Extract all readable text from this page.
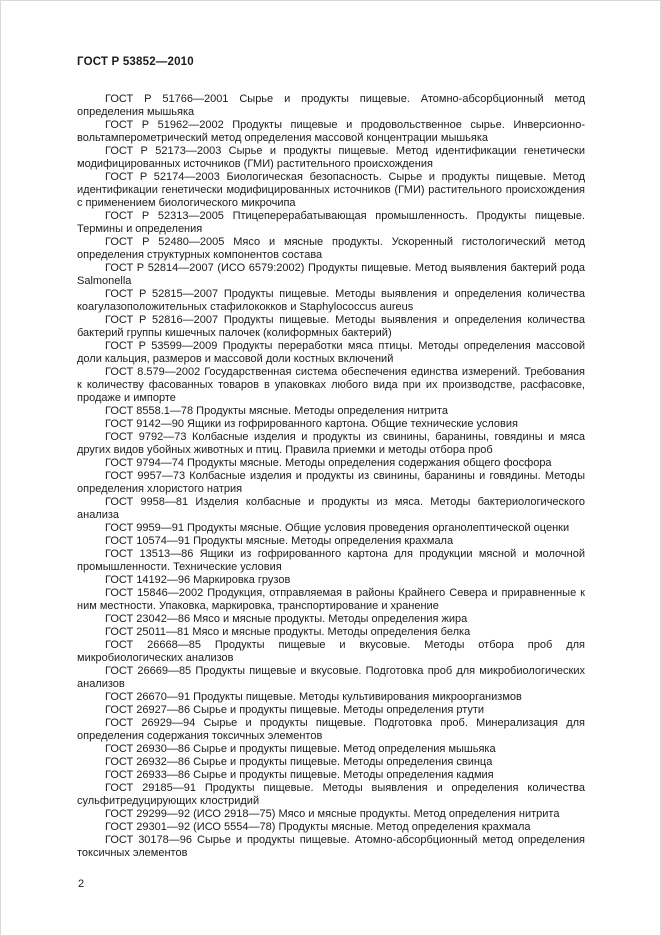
ГОСТ Р 53852—2010

ГОСТ Р 51766—2001 Сырье и продукты пищевые. Атомно-абсорбционный метод определения мышьяка

ГОСТ Р 51962—2002 Продукты пищевые и продовольственное сырье. Инверсионно-вольтамперометрический метод определения массовой концентрации мышьяка

ГОСТ Р 52173—2003 Сырье и продукты пищевые. Метод идентификации генетически модифицированных источников (ГМИ) растительного происхождения

ГОСТ Р 52174—2003 Биологическая безопасность. Сырье и продукты пищевые. Метод идентификации генетически модифицированных источников (ГМИ) растительного происхождения с применением биологического микрочипа

ГОСТ Р 52313—2005 Птицеперерабатывающая промышленность. Продукты пищевые. Термины и определения

ГОСТ Р 52480—2005 Мясо и мясные продукты. Ускоренный гистологический метод определения структурных компонентов состава

ГОСТ Р 52814—2007 (ИСО 6579:2002) Продукты пищевые. Метод выявления бактерий рода Salmonella

ГОСТ Р 52815—2007 Продукты пищевые. Методы выявления и определения количества коагулазоположительных стафилококков и Staphylococcus aureus

ГОСТ Р 52816—2007 Продукты пищевые. Методы выявления и определения количества бактерий группы кишечных палочек (колиформных бактерий)

ГОСТ Р 53599—2009 Продукты переработки мяса птицы. Методы определения массовой доли кальция, размеров и массовой доли костных включений

ГОСТ 8.579—2002 Государственная система обеспечения единства измерений. Требования к количеству фасованных товаров в упаковках любого вида при их производстве, расфасовке, продаже и импорте

ГОСТ 8558.1—78 Продукты мясные. Методы определения нитрита

ГОСТ 9142—90 Ящики из гофрированного картона. Общие технические условия

ГОСТ 9792—73 Колбасные изделия и продукты из свинины, баранины, говядины и мяса других видов убойных животных и птиц. Правила приемки и методы отбора проб

ГОСТ 9794—74 Продукты мясные. Методы определения содержания общего фосфора

ГОСТ 9957—73 Колбасные изделия и продукты из свинины, баранины и говядины. Методы определения хлористого натрия

ГОСТ 9958—81 Изделия колбасные и продукты из мяса. Методы бактериологического анализа

ГОСТ 9959—91 Продукты мясные. Общие условия проведения органолептической оценки

ГОСТ 10574—91 Продукты мясные. Методы определения крахмала

ГОСТ 13513—86 Ящики из гофрированного картона для продукции мясной и молочной промышленности. Технические условия

ГОСТ 14192—96 Маркировка грузов

ГОСТ 15846—2002 Продукция, отправляемая в районы Крайнего Севера и приравненные к ним местности. Упаковка, маркировка, транспортирование и хранение

ГОСТ 23042—86 Мясо и мясные продукты. Методы определения жира

ГОСТ 25011—81 Мясо и мясные продукты. Методы определения белка

ГОСТ 26668—85 Продукты пищевые и вкусовые. Методы отбора проб для микробиологических анализов

ГОСТ 26669—85 Продукты пищевые и вкусовые. Подготовка проб для микробиологических анализов

ГОСТ 26670—91 Продукты пищевые. Методы культивирования микроорганизмов

ГОСТ 26927—86 Сырье и продукты пищевые. Методы определения ртути

ГОСТ 26929—94 Сырье и продукты пищевые. Подготовка проб. Минерализация для определения содержания токсичных элементов

ГОСТ 26930—86 Сырье и продукты пищевые. Метод определения мышьяка

ГОСТ 26932—86 Сырье и продукты пищевые. Методы определения свинца

ГОСТ 26933—86 Сырье и продукты пищевые. Методы определения кадмия

ГОСТ 29185—91 Продукты пищевые. Методы выявления и определения количества сульфитредуцирующих клостридий

ГОСТ 29299—92 (ИСО 2918—75) Мясо и мясные продукты. Метод определения нитрита

ГОСТ 29301—92 (ИСО 5554—78) Продукты мясные. Метод определения крахмала

ГОСТ 30178—96 Сырье и продукты пищевые. Атомно-абсорбционный метод определения токсичных элементов

2
